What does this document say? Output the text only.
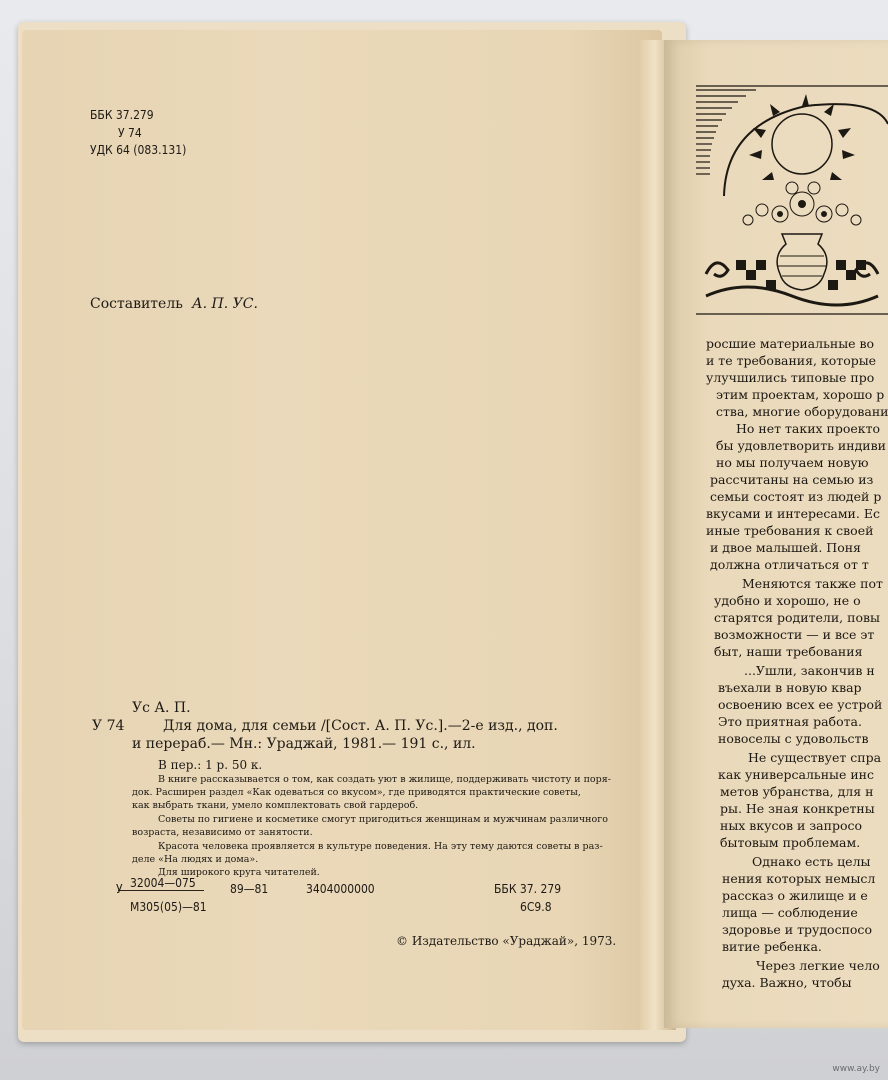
ББК 37.279
У 74
УДК 64 (083.131)
Составитель А. П. УС.
Ус А. П.
У 74	Для дома, для семьи /[Сост. А. П. Ус.].—2-е изд., доп.
и перераб.— Мн.: Ураджай, 1981.— 191 с., ил.
В пер.: 1 р. 50 к.
В книге рассказывается о том, как создать уют в жилище, поддерживать чистоту и поря-
док. Расширен раздел «Как одеваться со вкусом», где приводятся практические советы,
как выбрать ткани, умело комплектовать свой гардероб.
Советы по гигиене и косметике смогут пригодиться женщинам и мужчинам различного
возраста, независимо от занятости.
Красота человека проявляется в культуре поведения. На эту тему даются советы в раз-
деле «На людях и дома».
Для широкого круга читателей.
32004—075
У	89—81	3404000000
М305(05)—81
ББК 37. 279
6С9.8
© Издательство «Ураджай», 1973.
росшие материальные во
и те требования, которые
улучшились типовые про
этим проектам, хорошо р
ства, многие оборудовани
Но нет таких проекто
бы удовлетворить индиви
но мы получаем новую
рассчитаны на семью из
семьи состоят из людей р
вкусами и интересами. Ес
иные требования к своей
и двое малышей. Поня
должна отличаться от т
Меняются также пот
удобно и хорошо, не о
старятся родители, повы
возможности — и все эт
быт, наши требования
...Ушли, закончив н
въехали в новую квар
освоению всех ее устрой
Это приятная работа.
новоселы с удовольств
Не существует спра
как универсальные инс
метов убранства, для н
ры. Не зная конкретны
ных вкусов и запросо
бытовым проблемам.
Однако есть целы
нения которых немысл
рассказ о жилище и е
лища — соблюдение
здоровье и трудоспосо
витие ребенка.
Через легкие чело
духа. Важно, чтобы
www.ay.by
